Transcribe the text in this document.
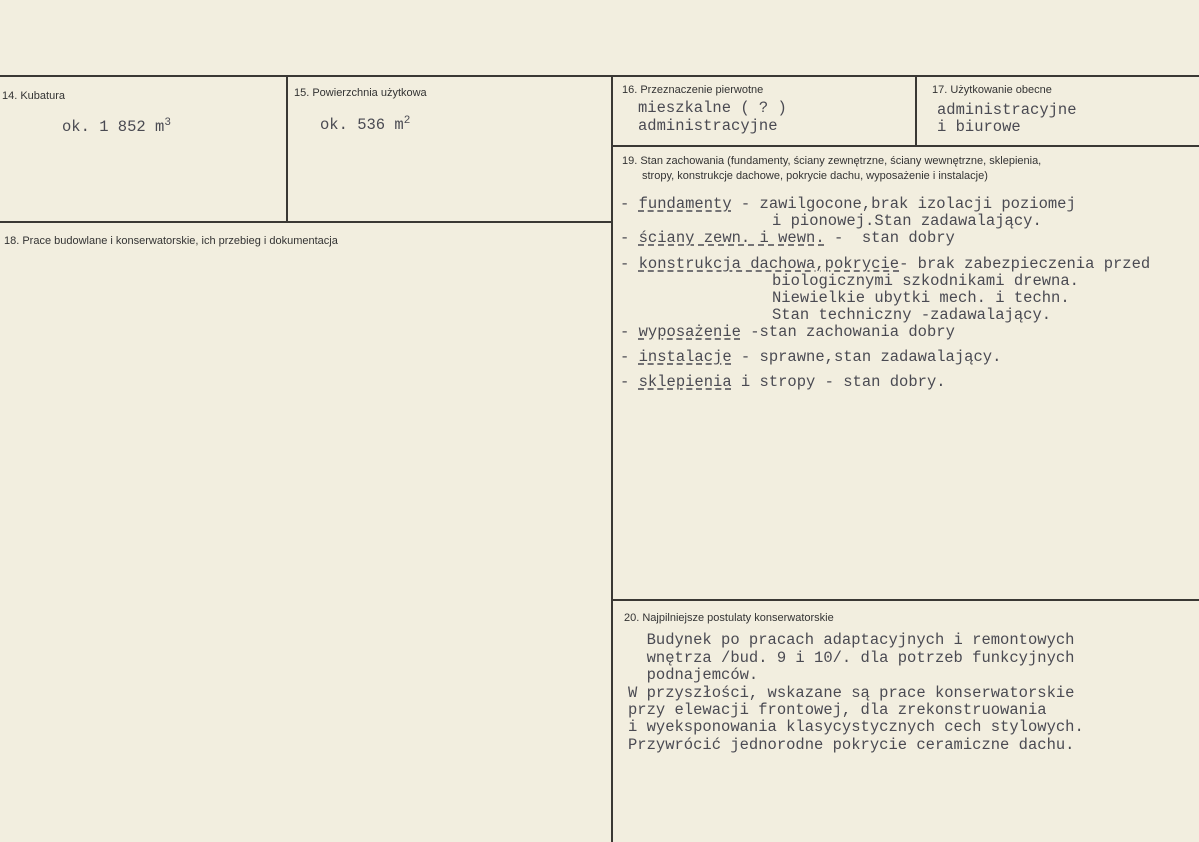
14. Kubatura
ok. 1 852 $m^3$
15. Powierzchnia użytkowa
ok. 536 $m^2$
16. Przeznaczenie pierwotne
mieszkalne ( ? )
administracyjne
17. Użytkowanie obecne
administracyjne
i biurowe
18. Prace budowlane i konserwatorskie, ich przebieg i dokumentacja
19. Stan zachowania (fundamenty, ściany zewnętrzne, ściany wewnętrzne, sklepienia,
stropy, konstrukcje dachowe, pokrycie dachu, wyposażenie i instalacje)
- fundamenty - zawilgocone,brak izolacji poziomej
i pionowej.Stan zadawalający.
- ściany zewn. i wewn. -  stan dobry
- konstrukcja dachowa,pokrycie- brak zabezpieczenia przed
biologicznymi szkodnikami drewna.
Niewielkie ubytki mech. i techn.
Stan techniczny -zadawalający.
- wyposażenie -stan zachowania dobry
- instalacje - sprawne,stan zadawalający.
- sklepienia i stropy - stan dobry.
20. Najpilniejsze postulaty konserwatorskie
Budynek po pracach adaptacyjnych i remontowych
wnętrza /bud. 9 i 10/. dla potrzeb funkcyjnych
podnajemców.
W przyszłości, wskazane są prace konserwatorskie
przy elewacji frontowej, dla zrekonstruowania
i wyeksponowania klasycystycznych cech stylowych.
Przywrócić jednorodne pokrycie ceramiczne dachu.
